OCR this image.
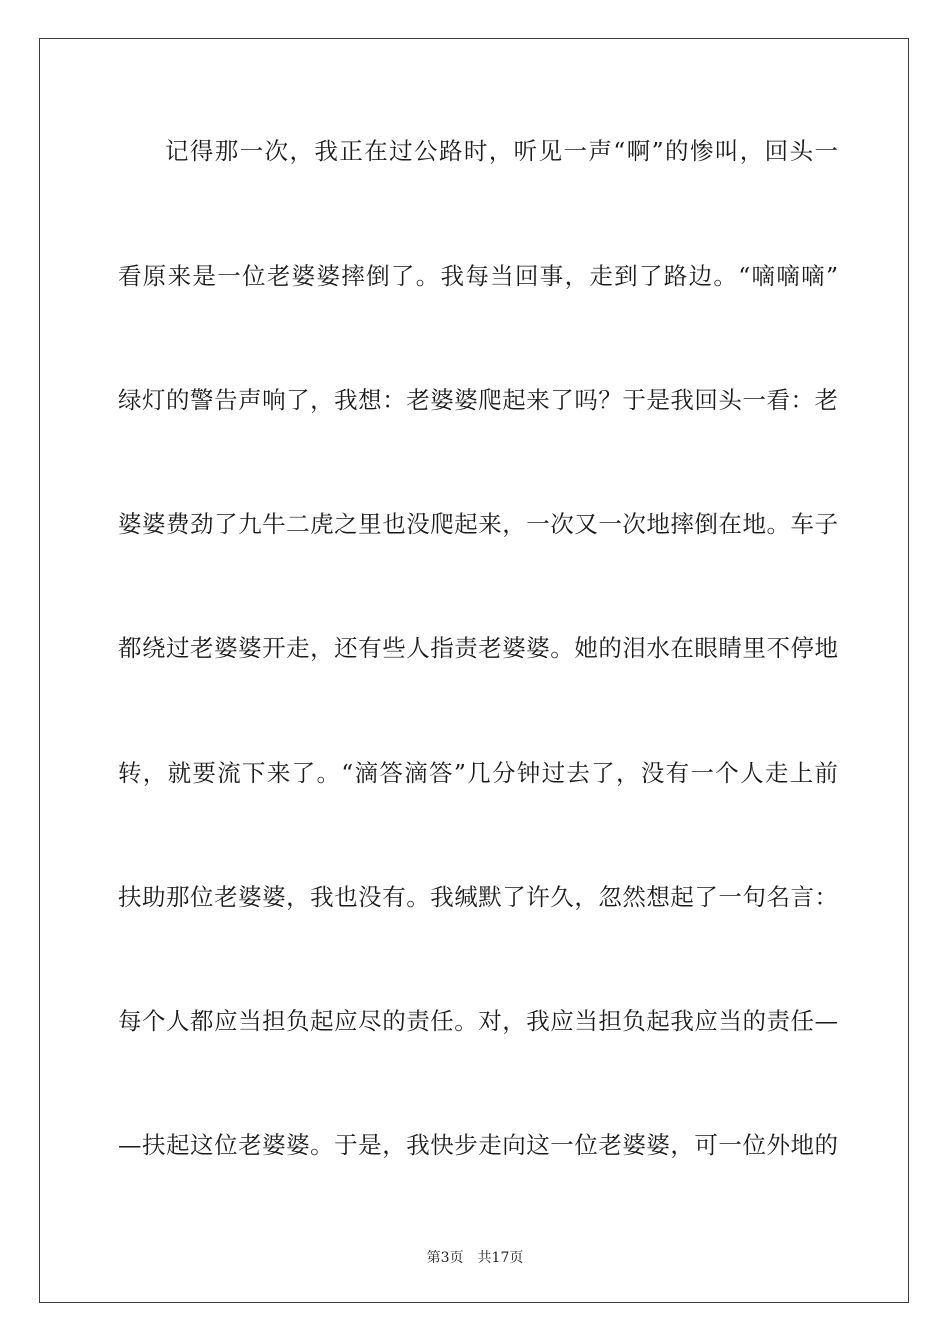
记得那一次，我正在过公路时，听见一声“啊”的惨叫，回头一
看原来是一位老婆婆摔倒了。我每当回事，走到了路边。“嘀嘀嘀”
绿灯的警告声响了，我想：老婆婆爬起来了吗？于是我回头一看：老
婆婆费劲了九牛二虎之里也没爬起来，一次又一次地摔倒在地。车子
都绕过老婆婆开走，还有些人指责老婆婆。她的泪水在眼睛里不停地
转，就要流下来了。“滴答滴答”几分钟过去了，没有一个人走上前
扶助那位老婆婆，我也没有。我缄默了许久，忽然想起了一句名言：
每个人都应当担负起应尽的责任。对，我应当担负起我应当的责任—
—扶起这位老婆婆。于是，我快步走向这一位老婆婆，可一位外地的
第3页 共17页
